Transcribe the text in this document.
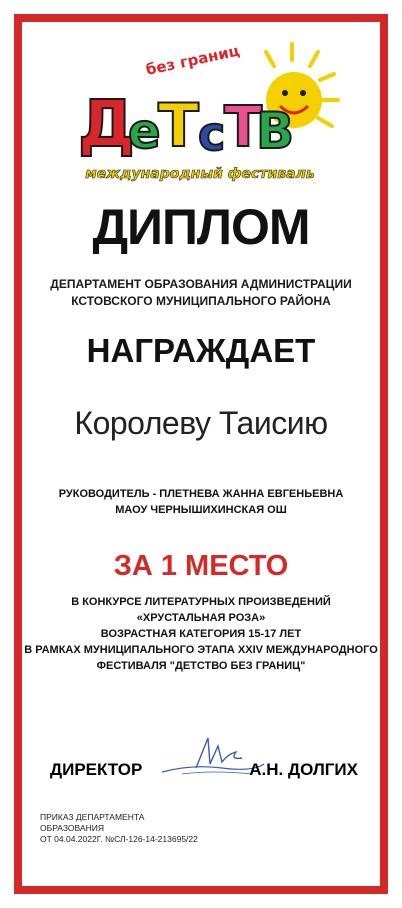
без границ
Д
е
Т с
Т
В
международный фестиваль
ДИПЛОМ
ДЕПАРТАМЕНТ ОБРАЗОВАНИЯ АДМИНИСТРАЦИИ
КСТОВСКОГО МУНИЦИПАЛЬНОГО РАЙОНА
НАГРАЖДАЕТ
Королеву Таисию
РУКОВОДИТЕЛЬ - ПЛЕТНЕВА ЖАННА ЕВГЕНЬЕВНА
МАОУ ЧЕРНЫШИХИНСКАЯ ОШ
ЗА 1 МЕСТО
В КОНКУРСЕ ЛИТЕРАТУРНЫХ ПРОИЗВЕДЕНИЙ
«ХРУСТАЛЬНАЯ РОЗА»
ВОЗРАСТНАЯ КАТЕГОРИЯ 15-17 ЛЕТ
В РАМКАХ МУНИЦИПАЛЬНОГО ЭТАПА XXIV МЕЖДУНАРОДНОГО
ФЕСТИВАЛЯ "ДЕТСТВО БЕЗ ГРАНИЦ"
ДИРЕКТОР	А.Н. ДОЛГИХ
ПРИКАЗ ДЕПАРТАМЕНТА
ОБРАЗОВАНИЯ
ОТ 04.04.2022Г. №СЛ-126-14-213695/22
